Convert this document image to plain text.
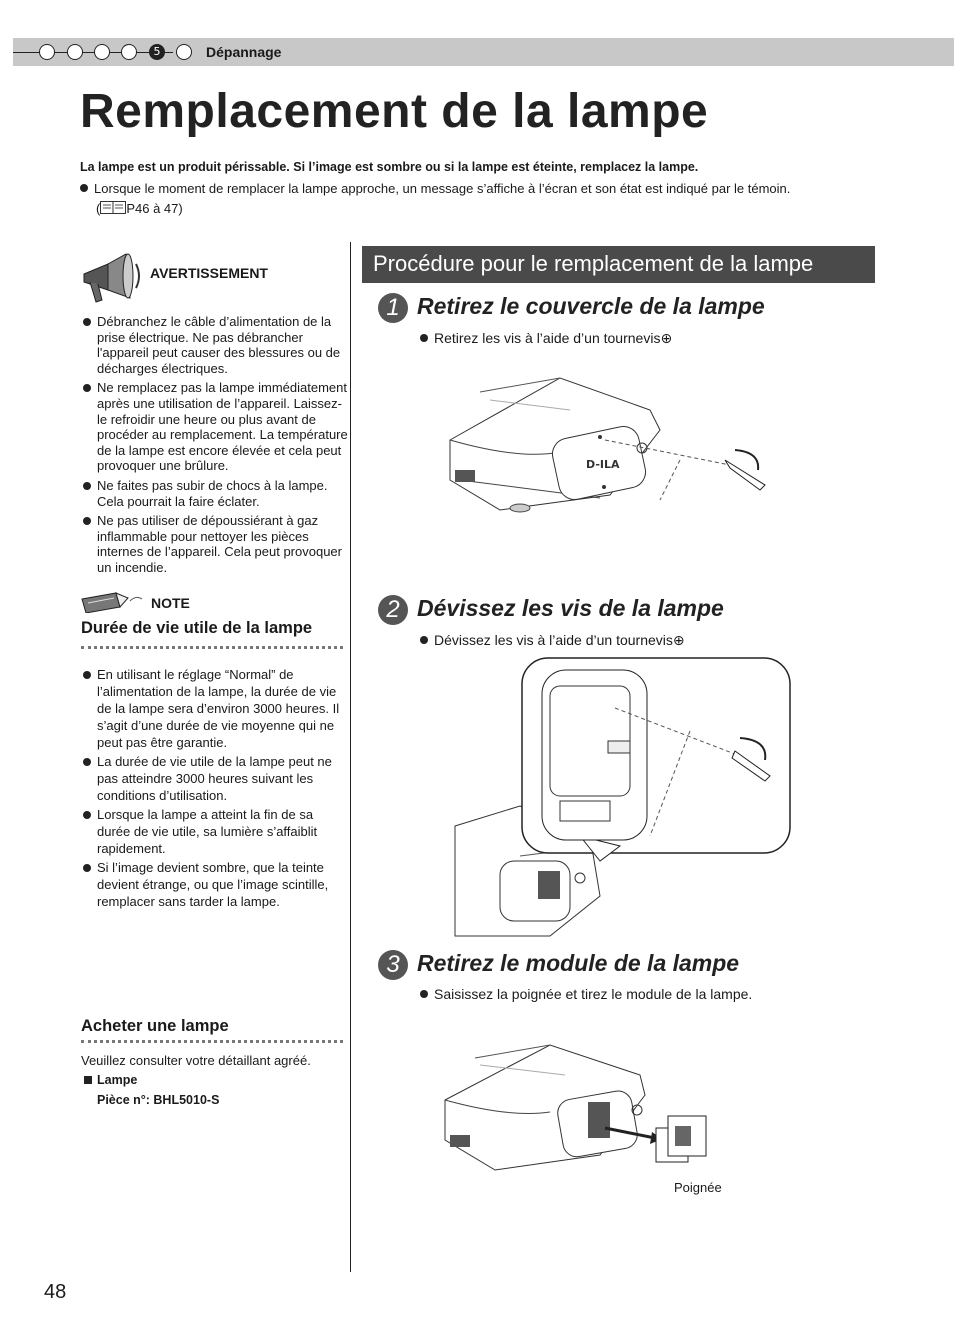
5	Dépannage
Remplacement de la lampe
La lampe est un produit périssable. Si l’image est sombre ou si la lampe est éteinte, remplacez la lampe.
Lorsque le moment de remplacer la lampe approche, un message s’affiche à l’écran et son état est indiqué par le témoin.
( P46 à 47)
AVERTISSEMENT
Débranchez le câble d’alimentation de la prise électrique. Ne pas débrancher l'appareil peut causer des blessures ou de décharges électriques.
Ne remplacez pas la lampe immédiatement après une utilisation de l’appareil. Laissez-le refroidir une heure ou plus avant de procéder au remplacement. La température de la lampe est encore élevée et cela peut provoquer une brûlure.
Ne faites pas subir de chocs à la lampe. Cela pourrait la faire éclater.
Ne pas utiliser de dépoussiérant à gaz inflammable pour nettoyer les pièces internes de l’appareil. Cela peut provoquer un incendie.
NOTE
Durée de vie utile de la lampe
En utilisant le réglage “Normal” de l’alimentation de la lampe, la durée de vie de la lampe sera d’environ 3000 heures. Il s’agit d’une durée de vie moyenne qui ne peut pas être garantie.
La durée de vie utile de la lampe peut ne pas atteindre 3000 heures suivant les conditions d’utilisation.
Lorsque la lampe a atteint la fin de sa durée de vie utile, sa lumière s’affaiblit rapidement.
Si l’image devient sombre, que la teinte devient étrange, ou que l’image scintille, remplacer sans tarder la lampe.
Acheter une lampe
Veuillez consulter votre détaillant agréé.
Lampe
Pièce n°: BHL5010-S
Procédure pour le remplacement de la lampe
1 Retirez le couvercle de la lampe
Retirez les vis à l’aide d’un tournevis⊕
D-ILA
2 Dévissez les vis de la lampe
Dévissez les vis à l’aide d’un tournevis⊕
3 Retirez le module de la lampe
Saisissez la poignée et tirez le module de la lampe.
Poignée
48
